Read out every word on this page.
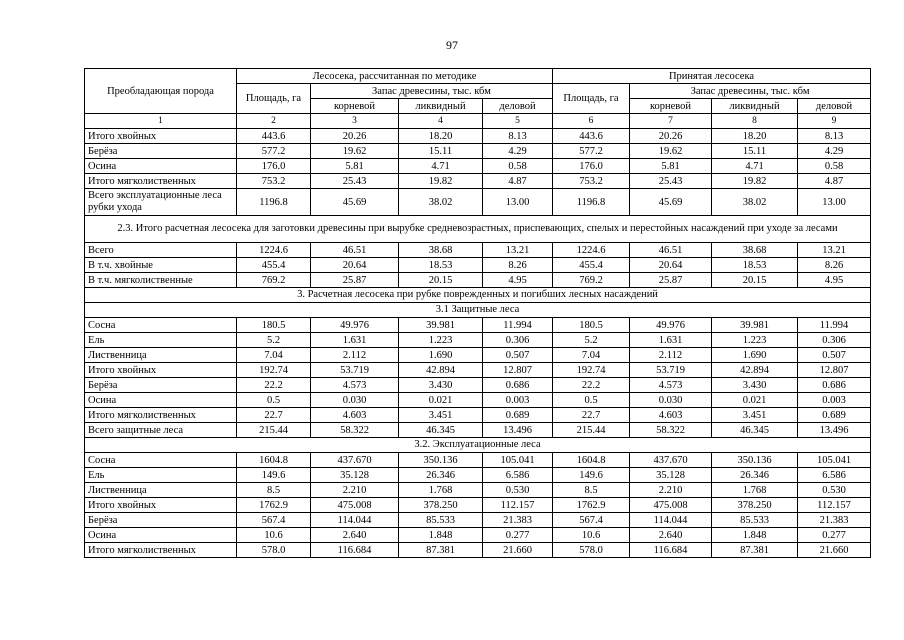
97
Преобладающая порода	Лесосека, рассчитанная по методике				Принятая лесосека			
	Площадь, га	Запас древесины, тыс. кбм			Площадь, га	Запас древесины, тыс. кбм		
		корневой	ликвидный	деловой		корневой	ликвидный	деловой
1	2	3	4	5	6	7	8	9
Итого хвойных	443.6	20.26	18.20	8.13	443.6	20.26	18.20	8.13
Берёза	577.2	19.62	15.11	4.29	577.2	19.62	15.11	4.29
Осина	176.0	5.81	4.71	0.58	176.0	5.81	4.71	0.58
Итого мягколиственных	753.2	25.43	19.82	4.87	753.2	25.43	19.82	4.87
Всего эксплуатационные леса рубки ухода	1196.8	45.69	38.02	13.00	1196.8	45.69	38.02	13.00
2.3. Итого расчетная лесосека для заготовки древесины при вырубке средневозрастных, приспевающих, спелых и перестойных насаждений при уходе за лесами								
Всего	1224.6	46.51	38.68	13.21	1224.6	46.51	38.68	13.21
В т.ч. хвойные	455.4	20.64	18.53	8.26	455.4	20.64	18.53	8.26
В т.ч. мягколиственные	769.2	25.87	20.15	4.95	769.2	25.87	20.15	4.95
3. Расчетная лесосека при рубке поврежденных и погибших лесных насаждений								
3.1 Защитные леса								
Сосна	180.5	49.976	39.981	11.994	180.5	49.976	39.981	11.994
Ель	5.2	1.631	1.223	0.306	5.2	1.631	1.223	0.306
Лиственница	7.04	2.112	1.690	0.507	7.04	2.112	1.690	0.507
Итого хвойных	192.74	53.719	42.894	12.807	192.74	53.719	42.894	12.807
Берёза	22.2	4.573	3.430	0.686	22.2	4.573	3.430	0.686
Осина	0.5	0.030	0.021	0.003	0.5	0.030	0.021	0.003
Итого мягколиственных	22.7	4.603	3.451	0.689	22.7	4.603	3.451	0.689
Всего защитные леса	215.44	58.322	46.345	13.496	215.44	58.322	46.345	13.496
3.2. Эксплуатационные леса								
Сосна	1604.8	437.670	350.136	105.041	1604.8	437.670	350.136	105.041
Ель	149.6	35.128	26.346	6.586	149.6	35.128	26.346	6.586
Лиственница	8.5	2.210	1.768	0.530	8.5	2.210	1.768	0.530
Итого хвойных	1762.9	475.008	378.250	112.157	1762.9	475.008	378.250	112.157
Берёза	567.4	114.044	85.533	21.383	567.4	114.044	85.533	21.383
Осина	10.6	2.640	1.848	0.277	10.6	2.640	1.848	0.277
Итого мягколиственных	578.0	116.684	87.381	21.660	578.0	116.684	87.381	21.660
